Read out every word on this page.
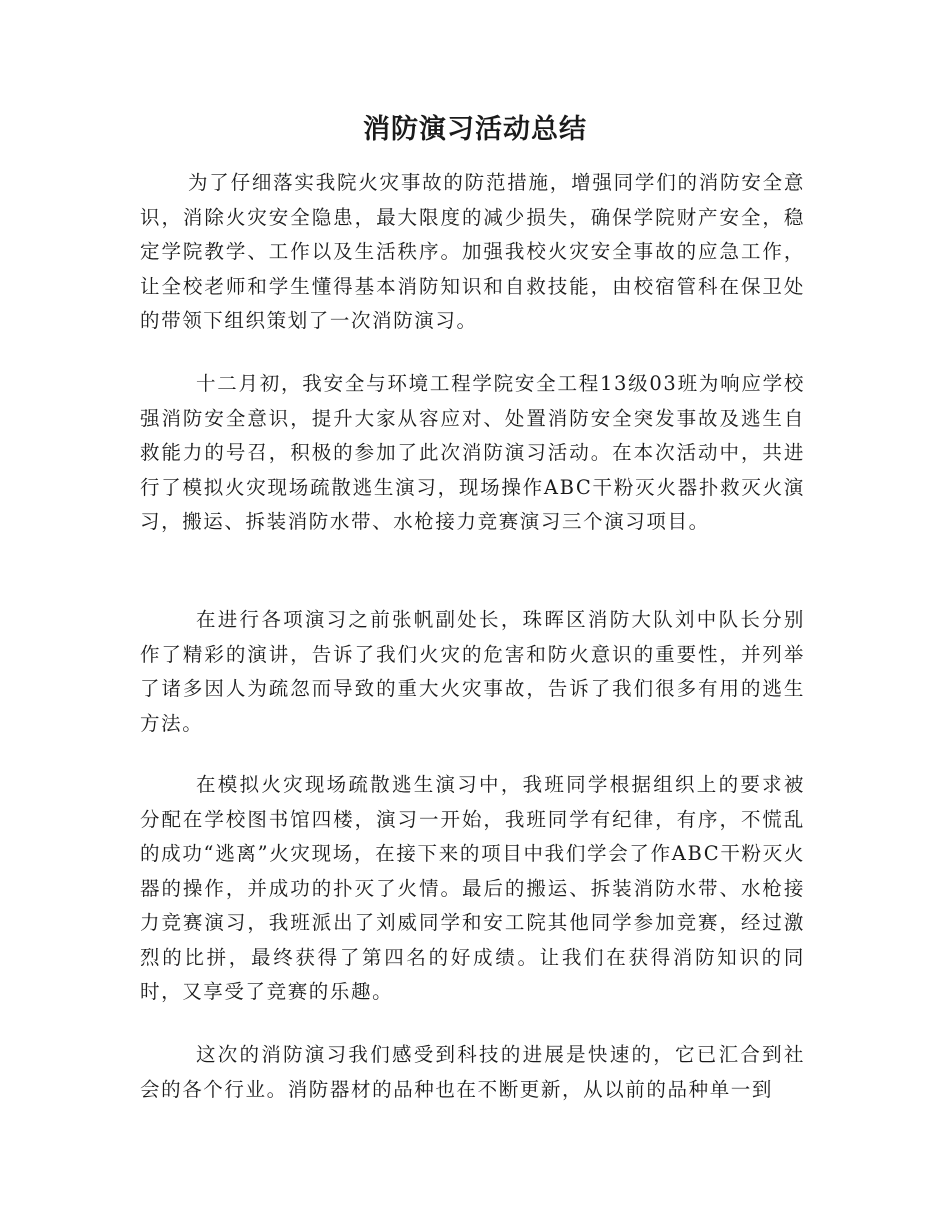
消防演习活动总结

为了仔细落实我院火灾事故的防范措施，增强同学们的消防安全意识，消除火灾安全隐患，最大限度的减少损失，确保学院财产安全，稳定学院教学、工作以及生活秩序。加强我校火灾安全事故的应急工作，让全校老师和学生懂得基本消防知识和自救技能，由校宿管科在保卫处的带领下组织策划了一次消防演习。

十二月初，我安全与环境工程学院安全工程13级03班为响应学校强消防安全意识，提升大家从容应对、处置消防安全突发事故及逃生自救能力的号召，积极的参加了此次消防演习活动。在本次活动中，共进行了模拟火灾现场疏散逃生演习，现场操作ABC干粉灭火器扑救灭火演习，搬运、拆装消防水带、水枪接力竞赛演习三个演习项目。

在进行各项演习之前张帆副处长，珠晖区消防大队刘中队长分别作了精彩的演讲，告诉了我们火灾的危害和防火意识的重要性，并列举了诸多因人为疏忽而导致的重大火灾事故，告诉了我们很多有用的逃生方法。

在模拟火灾现场疏散逃生演习中，我班同学根据组织上的要求被分配在学校图书馆四楼，演习一开始，我班同学有纪律，有序，不慌乱的成功“逃离”火灾现场，在接下来的项目中我们学会了作ABC干粉灭火器的操作，并成功的扑灭了火情。最后的搬运、拆装消防水带、水枪接力竞赛演习，我班派出了刘威同学和安工院其他同学参加竞赛，经过激烈的比拼，最终获得了第四名的好成绩。让我们在获得消防知识的同时，又享受了竞赛的乐趣。

这次的消防演习我们感受到科技的进展是快速的，它已汇合到社会的各个行业。消防器材的品种也在不断更新，从以前的品种单一到
